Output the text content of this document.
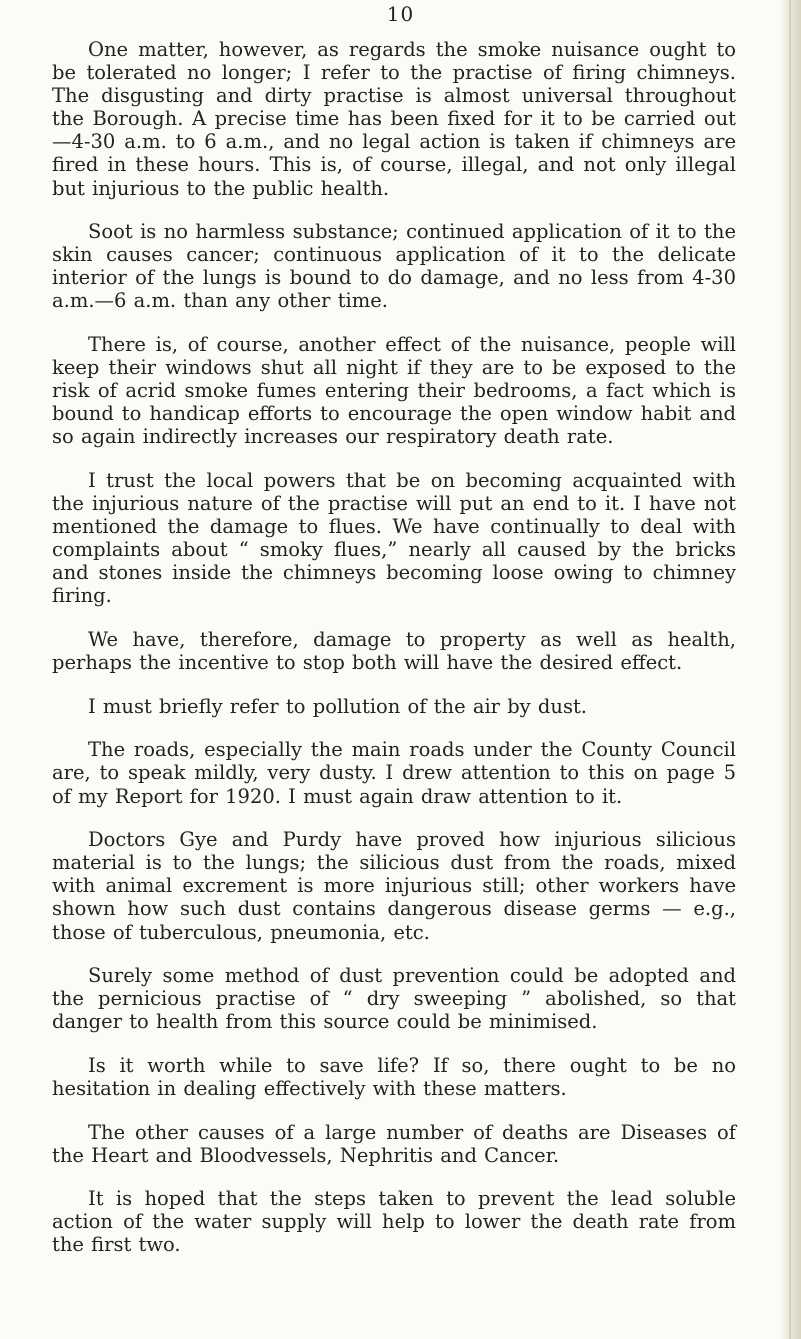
10

One matter, however, as regards the smoke nuisance ought to be tolerated no longer; I refer to the practise of firing chimneys. The disgusting and dirty practise is almost universal throughout the Borough. A precise time has been fixed for it to be carried out—4-30 a.m. to 6 a.m., and no legal action is taken if chimneys are fired in these hours. This is, of course, illegal, and not only illegal but injurious to the public health.

Soot is no harmless substance; continued application of it to the skin causes cancer; continuous application of it to the delicate interior of the lungs is bound to do damage, and no less from 4-30 a.m.—6 a.m. than any other time.

There is, of course, another effect of the nuisance, people will keep their windows shut all night if they are to be exposed to the risk of acrid smoke fumes entering their bedrooms, a fact which is bound to handicap efforts to encourage the open window habit and so again indirectly increases our respiratory death rate.

I trust the local powers that be on becoming acquainted with the injurious nature of the practise will put an end to it. I have not mentioned the damage to flues. We have continually to deal with complaints about “ smoky flues,” nearly all caused by the bricks and stones inside the chimneys becoming loose owing to chimney firing.

We have, therefore, damage to property as well as health, perhaps the incentive to stop both will have the desired effect.

I must briefly refer to pollution of the air by dust.

The roads, especially the main roads under the County Council are, to speak mildly, very dusty. I drew attention to this on page 5 of my Report for 1920. I must again draw attention to it.

Doctors Gye and Purdy have proved how injurious silicious material is to the lungs; the silicious dust from the roads, mixed with animal excrement is more injurious still; other workers have shown how such dust contains dangerous disease germs — e.g., those of tuberculous, pneumonia, etc.

Surely some method of dust prevention could be adopted and the pernicious practise of “ dry sweeping ” abolished, so that danger to health from this source could be minimised.

Is it worth while to save life? If so, there ought to be no hesitation in dealing effectively with these matters.

The other causes of a large number of deaths are Diseases of the Heart and Bloodvessels, Nephritis and Cancer.

It is hoped that the steps taken to prevent the lead soluble action of the water supply will help to lower the death rate from the first two.
